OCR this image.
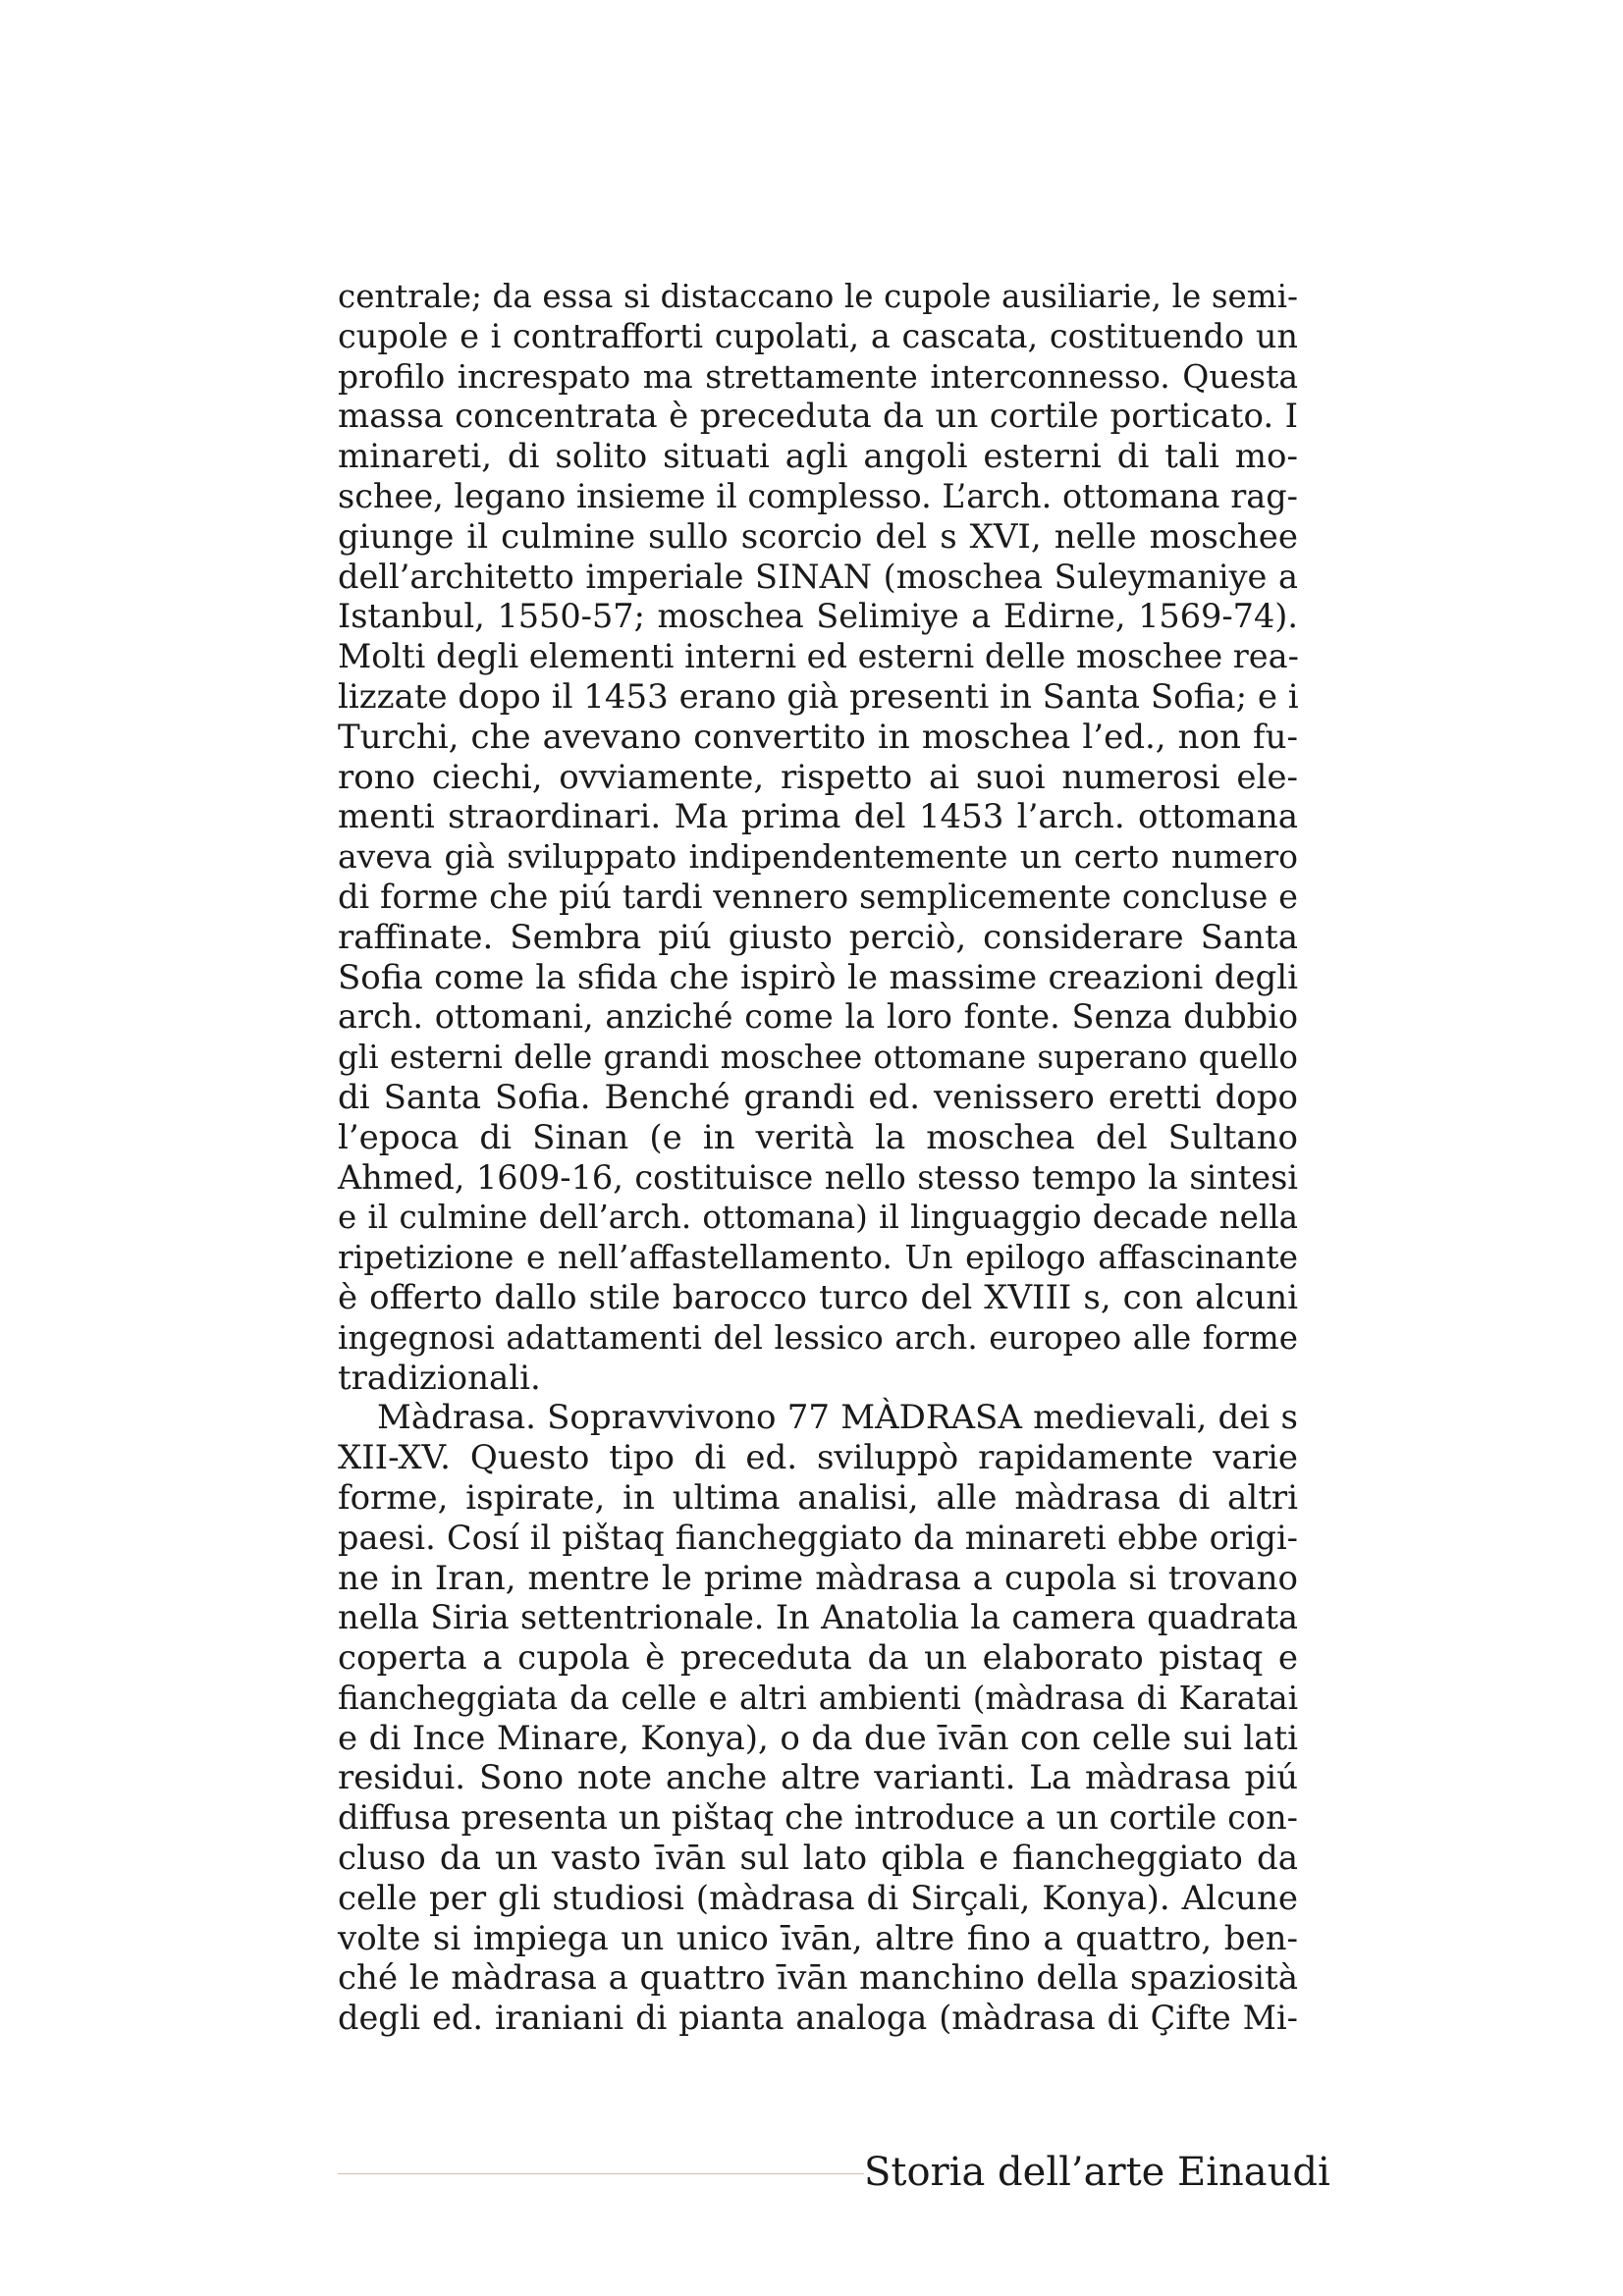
centrale; da essa si distaccano le cupole ausiliarie, le semi-
cupole e i contrafforti cupolati, a cascata, costituendo un
profilo increspato ma strettamente interconnesso. Questa
massa concentrata è preceduta da un cortile porticato. I
minareti, di solito situati agli angoli esterni di tali mo-
schee, legano insieme il complesso. L’arch. ottomana rag-
giunge il culmine sullo scorcio del s XVI, nelle moschee
dell’architetto imperiale SINAN (moschea Suleymaniye a
Istanbul, 1550-57; moschea Selimiye a Edirne, 1569-74).
Molti degli elementi interni ed esterni delle moschee rea-
lizzate dopo il 1453 erano già presenti in Santa Sofia; e i
Turchi, che avevano convertito in moschea l’ed., non fu-
rono ciechi, ovviamente, rispetto ai suoi numerosi ele-
menti straordinari. Ma prima del 1453 l’arch. ottomana
aveva già sviluppato indipendentemente un certo numero
di forme che piú tardi vennero semplicemente concluse e
raffinate. Sembra piú giusto perciò, considerare Santa
Sofia come la sfida che ispirò le massime creazioni degli
arch. ottomani, anziché come la loro fonte. Senza dubbio
gli esterni delle grandi moschee ottomane superano quello
di Santa Sofia. Benché grandi ed. venissero eretti dopo
l’epoca di Sinan (e in verità la moschea del Sultano
Ahmed, 1609-16, costituisce nello stesso tempo la sintesi
e il culmine dell’arch. ottomana) il linguaggio decade nella
ripetizione e nell’affastellamento. Un epilogo affascinante
è offerto dallo stile barocco turco del XVIII s, con alcuni
ingegnosi adattamenti del lessico arch. europeo alle forme
tradizionali.
Màdrasa. Sopravvivono 77 MÀDRASA medievali, dei s
XII-XV. Questo tipo di ed. sviluppò rapidamente varie
forme, ispirate, in ultima analisi, alle màdrasa di altri
paesi. Cosí il pištaq fiancheggiato da minareti ebbe origi-
ne in Iran, mentre le prime màdrasa a cupola si trovano
nella Siria settentrionale. In Anatolia la camera quadrata
coperta a cupola è preceduta da un elaborato pistaq e
fiancheggiata da celle e altri ambienti (màdrasa di Karatai
e di Ince Minare, Konya), o da due īvān con celle sui lati
residui. Sono note anche altre varianti. La màdrasa piú
diffusa presenta un pištaq che introduce a un cortile con-
cluso da un vasto īvān sul lato qibla e fiancheggiato da
celle per gli studiosi (màdrasa di Sirçali, Konya). Alcune
volte si impiega un unico īvān, altre fino a quattro, ben-
ché le màdrasa a quattro īvān manchino della spaziosità
degli ed. iraniani di pianta analoga (màdrasa di Çifte Mi-
Storia dell’arte Einaudi
